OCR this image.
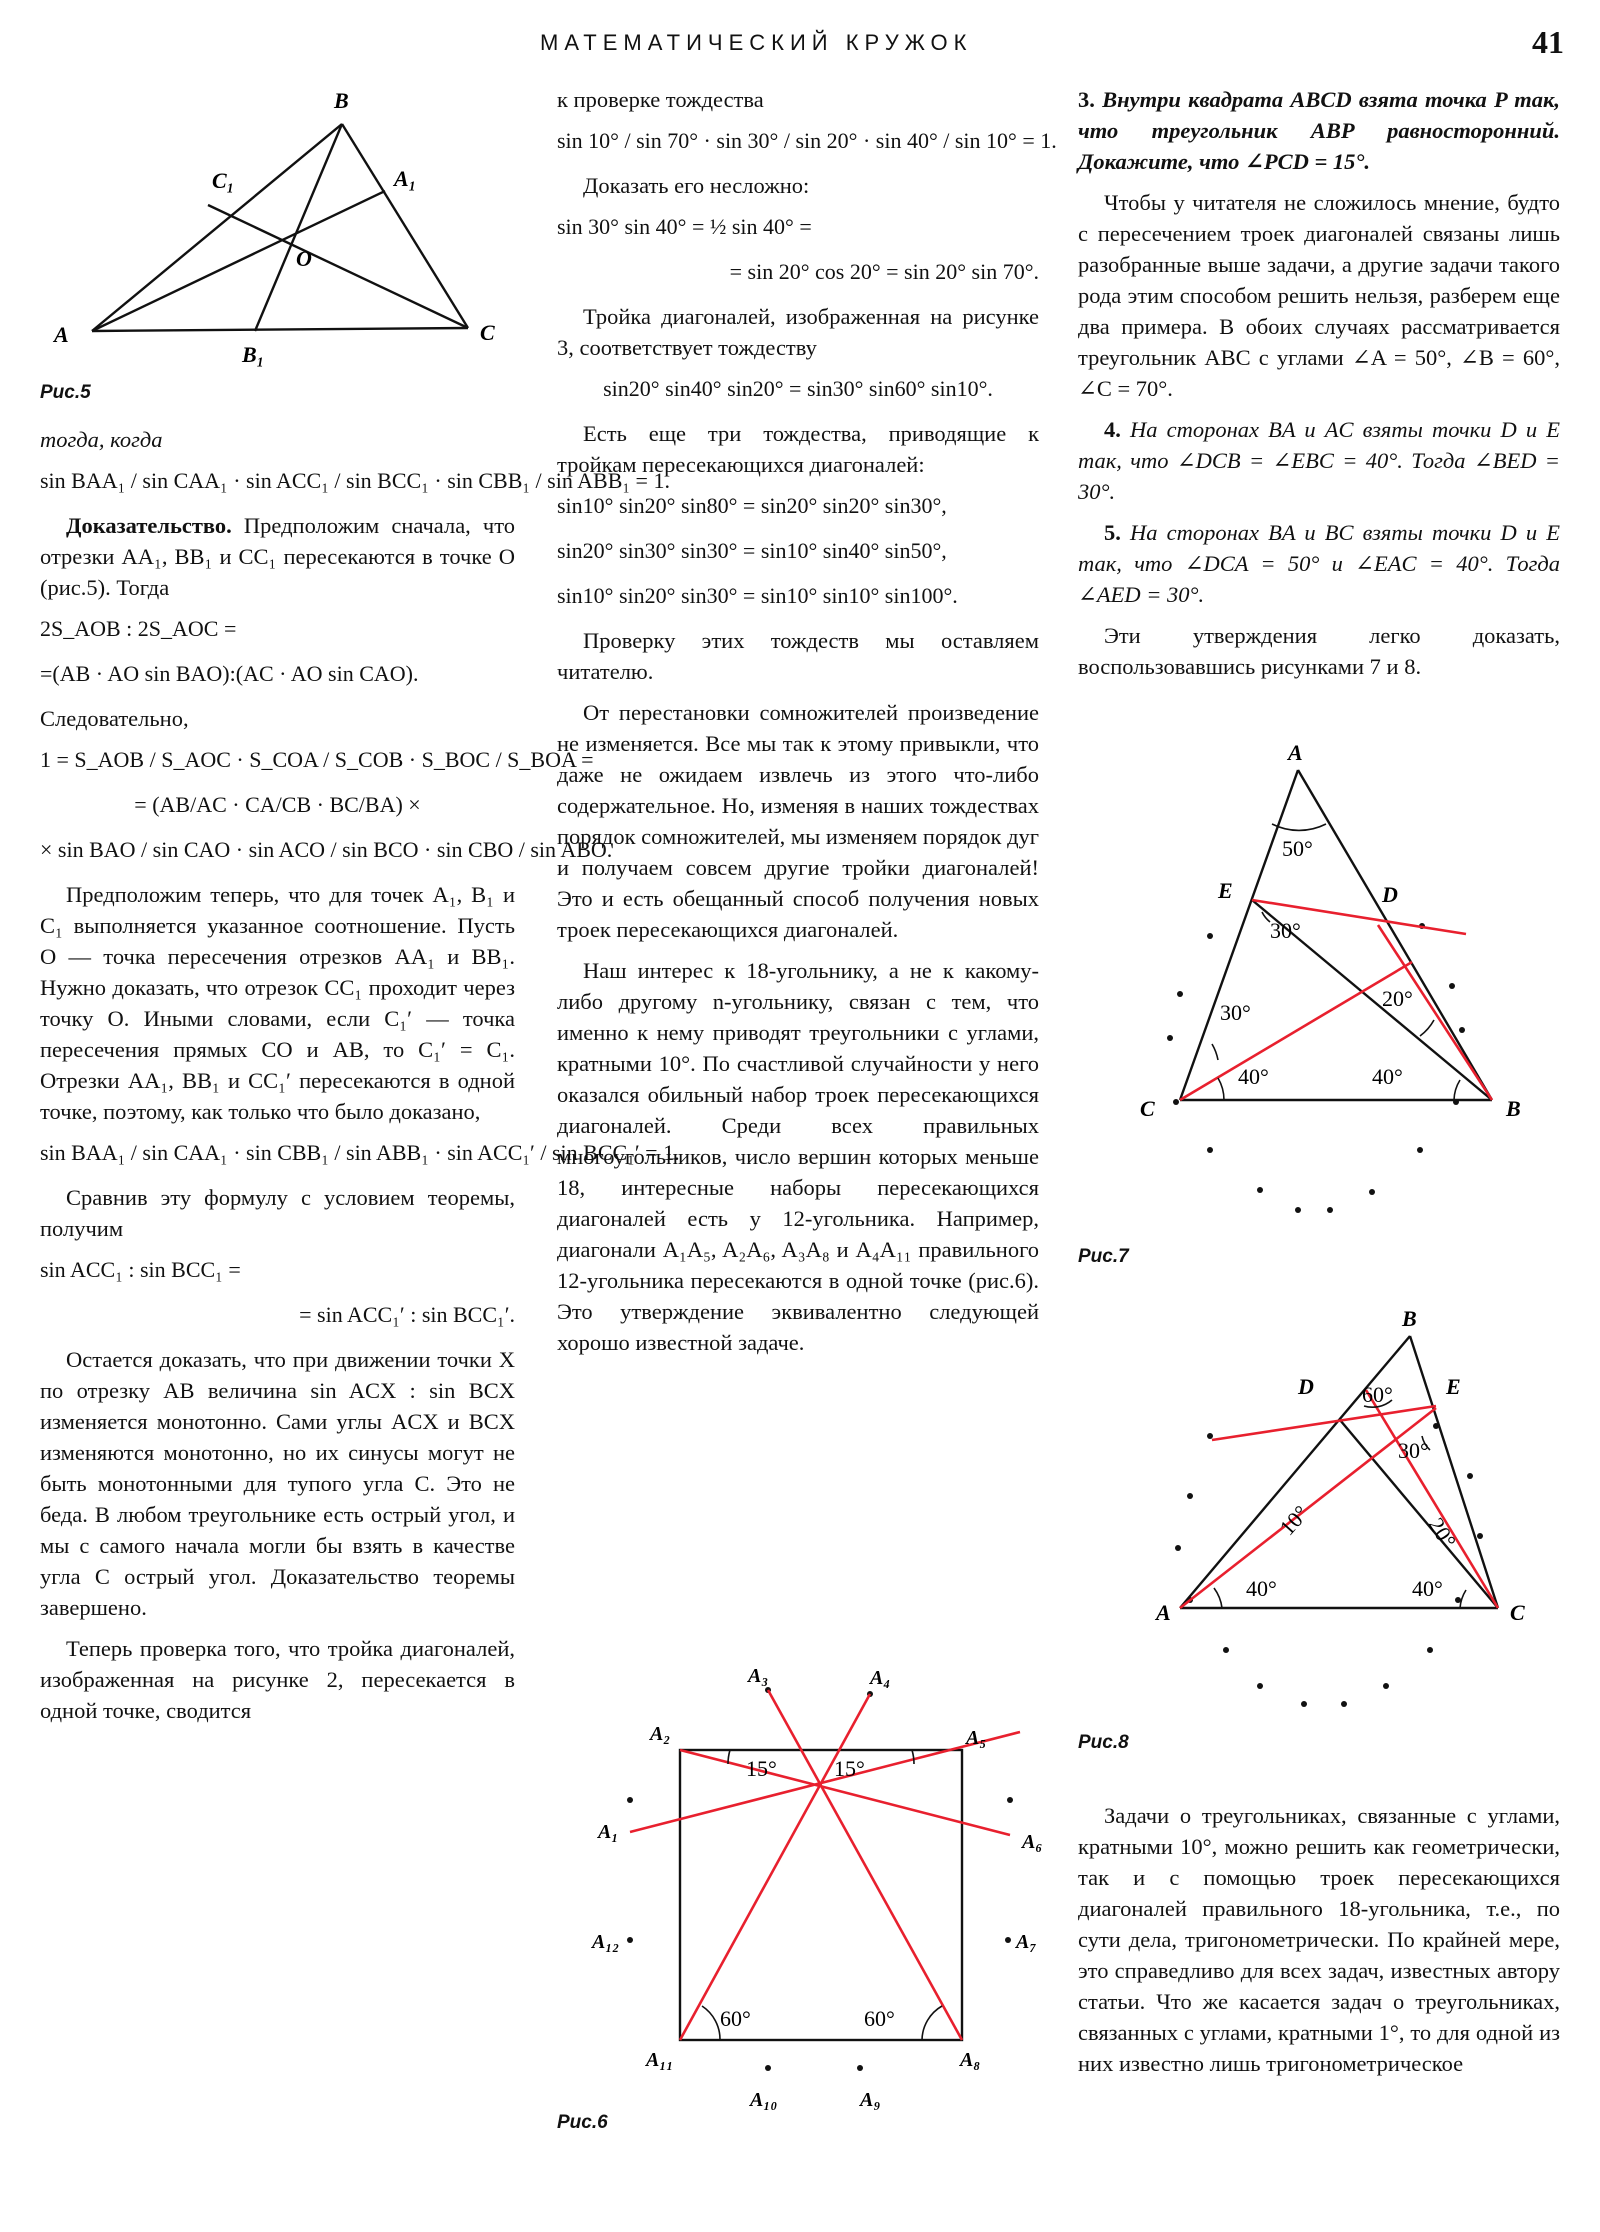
МАТЕМАТИЧЕСКИЙ КРУЖОК	41
B
A	C
C₁	A₁
O
B₁
Рис.5

тогда, когда

sin BAA₁ / sin CAA₁ · sin ACC₁ / sin BCC₁ · sin CBB₁ / sin ABB₁ = 1.

Доказательство. Предположим сначала, что отрезки AA₁, BB₁ и CC₁ пересекаются в точке O (рис.5). Тогда

2S_AOB : 2S_AOC =
=(AB · AO sin BAO):(AC · AO sin CAO).

Следовательно,

1 = S_AOB / S_AOC · S_COA / S_COB · S_BOC / S_BOA =
= (AB/AC · CA/CB · BC/BA) ×
× sin BAO / sin CAO · sin ACO / sin BCO · sin CBO / sin ABO.

Предположим теперь, что для точек A₁, B₁ и C₁ выполняется указанное соотношение. Пусть O — точка пересечения отрезков AA₁ и BB₁. Нужно доказать, что отрезок CC₁ проходит через точку O. Иными словами, если C₁′ — точка пересечения прямых CO и AB, то C₁′ = C₁. Отрезки AA₁, BB₁ и CC₁′ пересекаются в одной точке, поэтому, как только что было доказано,

sin BAA₁ / sin CAA₁ · sin CBB₁ / sin ABB₁ · sin ACC₁′ / sin BCC₁′ = 1.

Сравнив эту формулу с условием теоремы, получим

sin ACC₁ : sin BCC₁ =
= sin ACC₁′ : sin BCC₁′.

Остается доказать, что при движении точки X по отрезку AB величина sin ACX : sin BCX изменяется монотонно. Сами углы ACX и BCX изменяются монотонно, но их синусы могут не быть монотонными для тупого угла C. Это не беда. В любом треугольнике есть острый угол, и мы с самого начала могли бы взять в качестве угла C острый угол. Доказательство теоремы завершено.

Теперь проверка того, что тройка диагоналей, изображенная на рисунке 2, пересекается в одной точке, сводится

к проверке тождества

sin 10° / sin 70° · sin 30° / sin 20° · sin 40° / sin 10° = 1.

Доказать его несложно:

sin 30° sin 40° = ½ sin 40° =
= sin 20° cos 20° = sin 20° sin 70°.

Тройка диагоналей, изображенная на рисунке 3, соответствует тождеству

sin20° sin40° sin20° = sin30° sin60° sin10°.

Есть еще три тождества, приводящие к тройкам пересекающихся диагоналей:

sin10° sin20° sin80° = sin20° sin20° sin30°,
sin20° sin30° sin30° = sin10° sin40° sin50°,
sin10° sin20° sin30° = sin10° sin10° sin100°.

Проверку этих тождеств мы оставляем читателю.

От перестановки сомножителей произведение не изменяется. Все мы так к этому привыкли, что даже не ожидаем извлечь из этого что-либо содержательное. Но, изменяя в наших тождествах порядок сомножителей, мы изменяем порядок дуг и получаем совсем другие тройки диагоналей! Это и есть обещанный способ получения новых троек пересекающихся диагоналей.

Наш интерес к 18-угольнику, а не к какому-либо другому n-угольнику, связан с тем, что именно к нему приводят треугольники с углами, кратными 10°. По счастливой случайности у него оказался обильный набор троек пересекающихся диагоналей. Среди всех правильных многоугольников, число вершин которых меньше 18, интересные наборы пересекающихся диагоналей есть у 12-угольника. Например, диагонали A₁A₅, A₂A₆, A₃A₈ и A₄A₁₁ правильного 12-угольника пересекаются в одной точке (рис.6). Это утверждение эквивалентно следующей хорошо известной задаче.

15°	15°
60°	60°
A₃	A₄
A₂	A₅
A₁	A₆
A₁₂	A₇
A₁₁	A₈
A₁₀	A₉
Рис.6

3. Внутри квадрата ABCD взята точка P так, что треугольник ABP равносторонний. Докажите, что ∠PCD = 15°.

Чтобы у читателя не сложилось мнение, будто с пересечением троек диагоналей связаны лишь разобранные выше задачи, а другие задачи такого рода этим способом решить нельзя, разберем еще два примера. В обоих случаях рассматривается треугольник ABC с углами ∠A = 50°, ∠B = 60°, ∠C = 70°.

4. На сторонах BA и AC взяты точки D и E так, что ∠DCB = ∠EBC = 40°. Тогда ∠BED = 30°.

5. На сторонах BA и BC взяты точки D и E так, что ∠DCA = 50° и ∠EAC = 40°. Тогда ∠AED = 30°.

Эти утверждения легко доказать, воспользовавшись рисунками 7 и 8.

50°
30°
20°
30°
40°	40°
A
E	D
C	B
Рис.7
60°
30°
10°	20°
40°	40°
B
D	E
A	C
Рис.8

Задачи о треугольниках, связанные с углами, кратными 10°, можно решить как геометрически, так и с помощью троек пересекающихся диагоналей правильного 18-угольника, т.е., по сути дела, тригонометрически. По крайней мере, это справедливо для всех задач, известных автору статьи. Что же касается задач о треугольниках, связанных с углами, кратными 1°, то для одной из них известно лишь тригонометрическое
